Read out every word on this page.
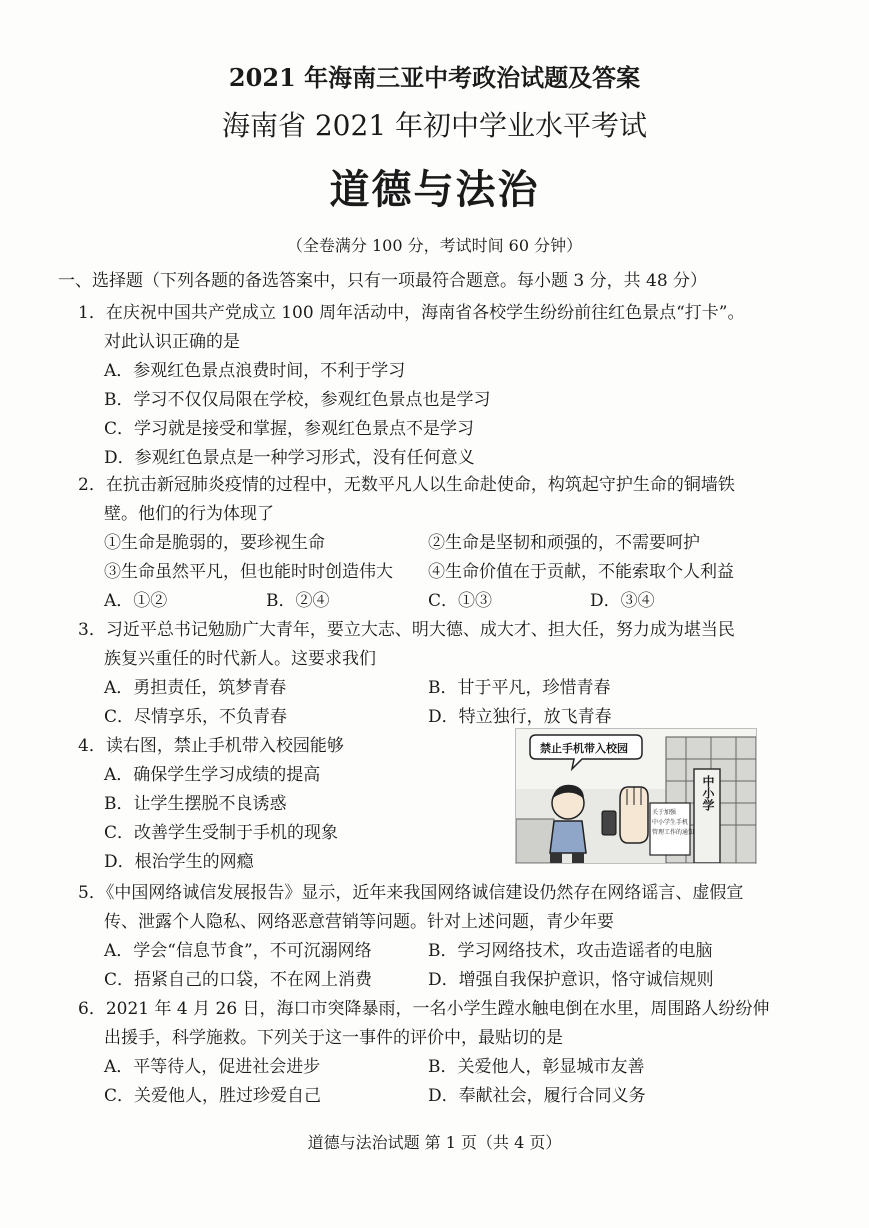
2021 年海南三亚中考政治试题及答案
海南省 2021 年初中学业水平考试
道德与法治
（全卷满分 100 分，考试时间 60 分钟）
一、选择题（下列各题的备选答案中，只有一项最符合题意。每小题 3 分，共 48 分）
1．在庆祝中国共产党成立 100 周年活动中，海南省各校学生纷纷前往红色景点“打卡”。
对此认识正确的是
A．参观红色景点浪费时间，不利于学习
B．学习不仅仅局限在学校，参观红色景点也是学习
C．学习就是接受和掌握，参观红色景点不是学习
D．参观红色景点是一种学习形式，没有任何意义
2．在抗击新冠肺炎疫情的过程中，无数平凡人以生命赴使命，构筑起守护生命的铜墙铁
壁。他们的行为体现了
①生命是脆弱的，要珍视生命	②生命是坚韧和顽强的，不需要呵护
③生命虽然平凡，但也能时时创造伟大 ④生命价值在于贡献，不能索取个人利益
A．①②	B．②④	C．①③	D．③④
3．习近平总书记勉励广大青年，要立大志、明大德、成大才、担大任，努力成为堪当民
族复兴重任的时代新人。这要求我们
A．勇担责任，筑梦青春	B．甘于平凡，珍惜青春
C．尽情享乐，不负青春	D．特立独行，放飞青春
4．读右图，禁止手机带入校园能够
A．确保学生学习成绩的提高
B．让学生摆脱不良诱惑
C．改善学生受制于手机的现象
D．根治学生的网瘾
禁止手机带入校园
中小学
关于加强
中小学生手机
管理工作的通知
5．《中国网络诚信发展报告》显示，近年来我国网络诚信建设仍然存在网络谣言、虚假宣
传、泄露个人隐私、网络恶意营销等问题。针对上述问题，青少年要
A．学会“信息节食”，不可沉溺网络	B．学习网络技术，攻击造谣者的电脑
C．捂紧自己的口袋，不在网上消费	D．增强自我保护意识，恪守诚信规则
6．2021 年 4 月 26 日，海口市突降暴雨，一名小学生蹚水触电倒在水里，周围路人纷纷伸
出援手，科学施救。下列关于这一事件的评价中，最贴切的是
A．平等待人，促进社会进步	B．关爱他人，彰显城市友善
C．关爱他人，胜过珍爱自己	D．奉献社会，履行合同义务
道德与法治试题 第 1 页（共 4 页）
